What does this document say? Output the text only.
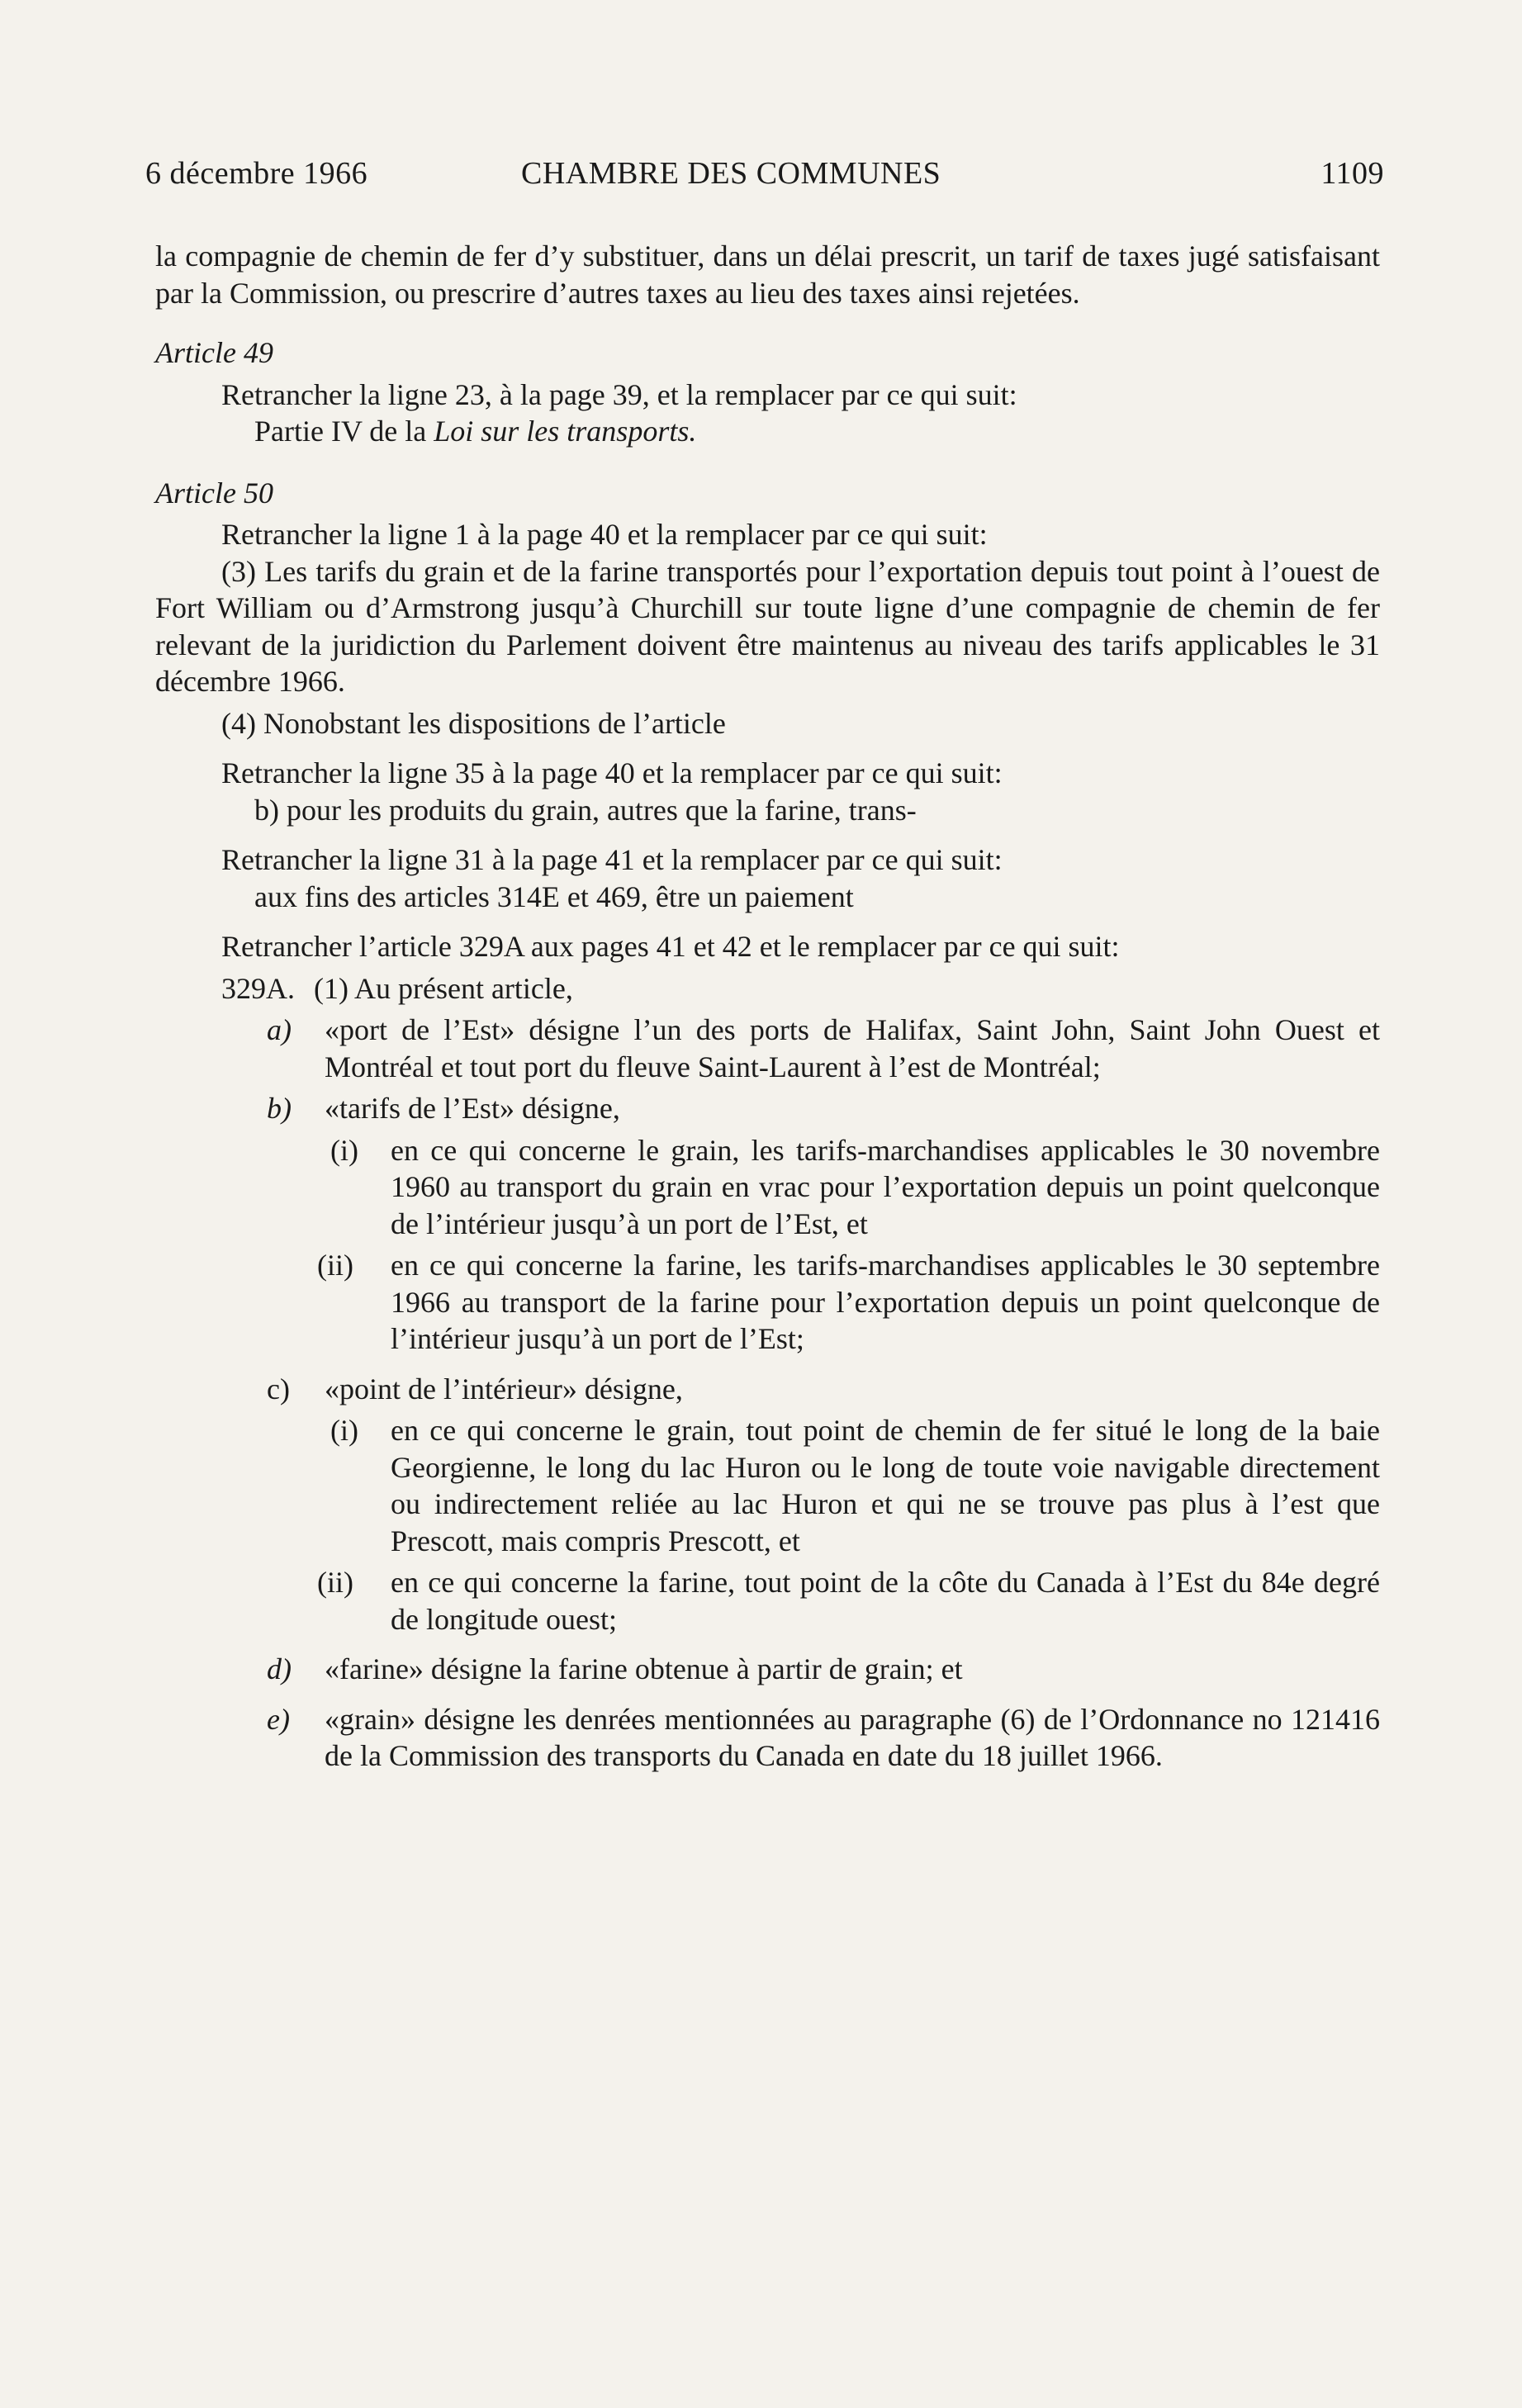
6 décembre 1966	CHAMBRE DES COMMUNES	1109

la compagnie de chemin de fer d’y substituer, dans un délai prescrit, un tarif de taxes jugé satisfaisant par la Commission, ou prescrire d’autres taxes au lieu des taxes ainsi rejetées.

Article 49

Retrancher la ligne 23, à la page 39, et la remplacer par ce qui suit:

Partie IV de la Loi sur les transports.

Article 50

Retrancher la ligne 1 à la page 40 et la remplacer par ce qui suit:

(3) Les tarifs du grain et de la farine transportés pour l’exportation depuis tout point à l’ouest de Fort William ou d’Armstrong jusqu’à Churchill sur toute ligne d’une compagnie de chemin de fer relevant de la juridiction du Parlement doivent être maintenus au niveau des tarifs applicables le 31 décembre 1966.

(4) Nonobstant les dispositions de l’article

Retrancher la ligne 35 à la page 40 et la remplacer par ce qui suit:

b) pour les produits du grain, autres que la farine, trans-

Retrancher la ligne 31 à la page 41 et la remplacer par ce qui suit:

aux fins des articles 314E et 469, être un paiement

Retrancher l’article 329A aux pages 41 et 42 et le remplacer par ce qui suit:

329A. (1) Au présent article,

a) «port de l’Est» désigne l’un des ports de Halifax, Saint John, Saint John Ouest et Montréal et tout port du fleuve Saint-Laurent à l’est de Montréal;

b) «tarifs de l’Est» désigne,

(i) en ce qui concerne le grain, les tarifs-marchandises applicables le 30 novembre 1960 au transport du grain en vrac pour l’exportation depuis un point quelconque de l’intérieur jusqu’à un port de l’Est, et

(ii) en ce qui concerne la farine, les tarifs-marchandises applicables le 30 septembre 1966 au transport de la farine pour l’exportation depuis un point quelconque de l’intérieur jusqu’à un port de l’Est;

c) «point de l’intérieur» désigne,

(i) en ce qui concerne le grain, tout point de chemin de fer situé le long de la baie Georgienne, le long du lac Huron ou le long de toute voie navigable directement ou indirectement reliée au lac Huron et qui ne se trouve pas plus à l’est que Prescott, mais compris Prescott, et

(ii) en ce qui concerne la farine, tout point de la côte du Canada à l’Est du 84e degré de longitude ouest;

d) «farine» désigne la farine obtenue à partir de grain; et

e) «grain» désigne les denrées mentionnées au paragraphe (6) de l’Ordonnance no 121416 de la Commission des transports du Canada en date du 18 juillet 1966.
